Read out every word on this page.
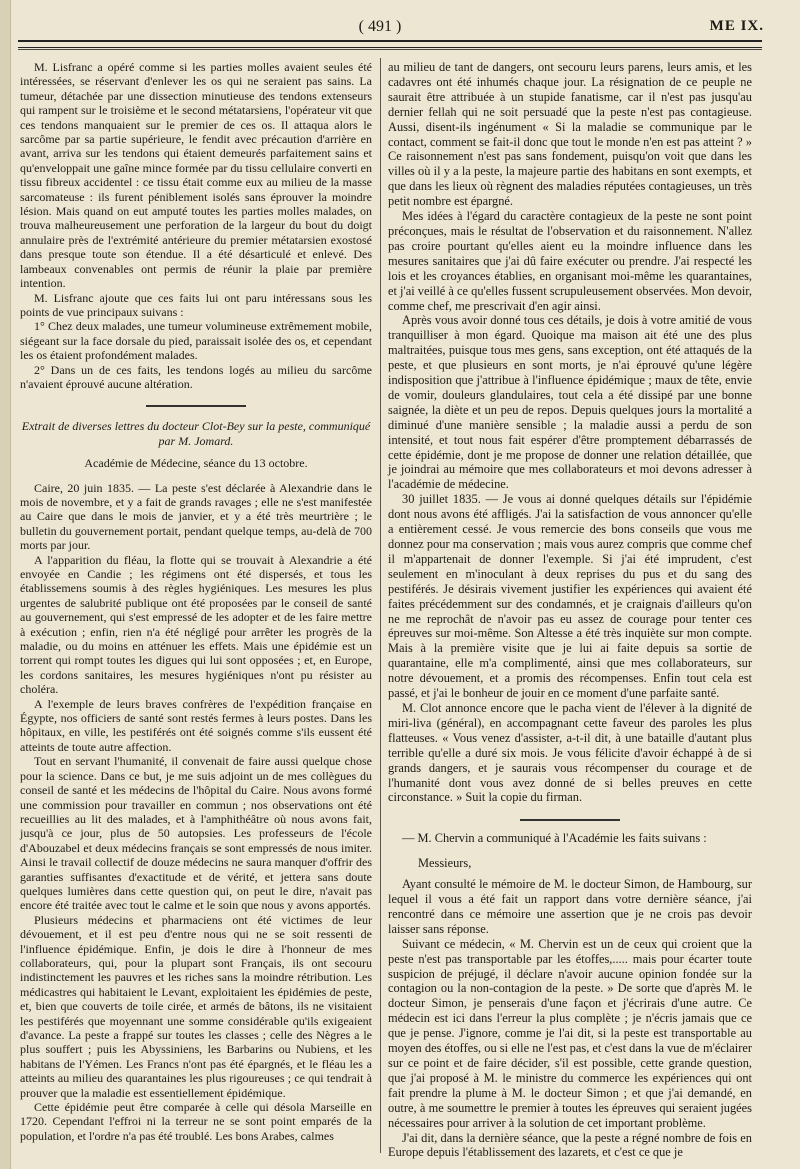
( 491 )	ME IX.

M. Lisfranc a opéré comme si les parties molles avaient seules été intéressées, se réservant d'enlever les os qui ne seraient pas sains. La tumeur, détachée par une dissection minutieuse des tendons extenseurs qui rampent sur le troisième et le second métatarsiens, l'opérateur vit que ces tendons manquaient sur le premier de ces os. Il attaqua alors le sarcôme par sa partie supérieure, le fendit avec précaution d'arrière en avant, arriva sur les tendons qui étaient demeurés parfaitement sains et qu'enveloppait une gaîne mince formée par du tissu cellulaire converti en tissu fibreux accidentel : ce tissu était comme eux au milieu de la masse sarcomateuse : ils furent péniblement isolés sans éprouver la moindre lésion. Mais quand on eut amputé toutes les parties molles malades, on trouva malheureusement une perforation de la largeur du bout du doigt annulaire près de l'extrémité antérieure du premier métatarsien exostosé dans presque toute son étendue. Il a été désarticulé et enlevé. Des lambeaux convenables ont permis de réunir la plaie par première intention.

M. Lisfranc ajoute que ces faits lui ont paru intéressans sous les points de vue principaux suivans :

1° Chez deux malades, une tumeur volumineuse extrêmement mobile, siégeant sur la face dorsale du pied, paraissait isolée des os, et cependant les os étaient profondément malades.

2° Dans un de ces faits, les tendons logés au milieu du sarcôme n'avaient éprouvé aucune altération.

Extrait de diverses lettres du docteur Clot-Bey sur la peste, communiqué par M. Jomard.
Académie de Médecine, séance du 13 octobre.

Caire, 20 juin 1835. — La peste s'est déclarée à Alexandrie dans le mois de novembre, et y a fait de grands ravages ; elle ne s'est manifestée au Caire que dans le mois de janvier, et y a été très meurtrière ; le bulletin du gouvernement portait, pendant quelque temps, au-delà de 700 morts par jour.

A l'apparition du fléau, la flotte qui se trouvait à Alexandrie a été envoyée en Candie ; les régimens ont été dispersés, et tous les établissemens soumis à des règles hygiéniques. Les mesures les plus urgentes de salubrité publique ont été proposées par le conseil de santé au gouvernement, qui s'est empressé de les adopter et de les faire mettre à exécution ; enfin, rien n'a été négligé pour arrêter les progrès de la maladie, ou du moins en atténuer les effets. Mais une épidémie est un torrent qui rompt toutes les digues qui lui sont opposées ; et, en Europe, les cordons sanitaires, les mesures hygiéniques n'ont pu résister au choléra.

A l'exemple de leurs braves confrères de l'expédition française en Égypte, nos officiers de santé sont restés fermes à leurs postes. Dans les hôpitaux, en ville, les pestiférés ont été soignés comme s'ils eussent été atteints de toute autre affection.

Tout en servant l'humanité, il convenait de faire aussi quelque chose pour la science. Dans ce but, je me suis adjoint un de mes collègues du conseil de santé et les médecins de l'hôpital du Caire. Nous avons formé une commission pour travailler en commun ; nos observations ont été recueillies au lit des malades, et à l'amphithéâtre où nous avons fait, jusqu'à ce jour, plus de 50 autopsies. Les professeurs de l'école d'Abouzabel et deux médecins français se sont empressés de nous imiter. Ainsi le travail collectif de douze médecins ne saura manquer d'offrir des garanties suffisantes d'exactitude et de vérité, et jettera sans doute quelques lumières dans cette question qui, on peut le dire, n'avait pas encore été traitée avec tout le calme et le soin que nous y avons apportés.

Plusieurs médecins et pharmaciens ont été victimes de leur dévouement, et il est peu d'entre nous qui ne se soit ressenti de l'influence épidémique. Enfin, je dois le dire à l'honneur de mes collaborateurs, qui, pour la plupart sont Français, ils ont secouru indistinctement les pauvres et les riches sans la moindre rétribution. Les médicastres qui habitaient le Levant, exploitaient les épidémies de peste, et, bien que couverts de toile cirée, et armés de bâtons, ils ne visitaient les pestiférés que moyennant une somme considérable qu'ils exigeaient d'avance. La peste a frappé sur toutes les classes ; celle des Nègres a le plus souffert ; puis les Abyssiniens, les Barbarins ou Nubiens, et les habitans de l'Yémen. Les Francs n'ont pas été épargnés, et le fléau les a atteints au milieu des quarantaines les plus rigoureuses ; ce qui tendrait à prouver que la maladie est essentiellement épidémique.

Cette épidémie peut être comparée à celle qui désola Marseille en 1720. Cependant l'effroi ni la terreur ne se sont point emparés de la population, et l'ordre n'a pas été troublé. Les bons Arabes, calmes

au milieu de tant de dangers, ont secouru leurs parens, leurs amis, et les cadavres ont été inhumés chaque jour. La résignation de ce peuple ne saurait être attribuée à un stupide fanatisme, car il n'est pas jusqu'au dernier fellah qui ne soit persuadé que la peste n'est pas contagieuse. Aussi, disent-ils ingénument « Si la maladie se communique par le contact, comment se fait-il donc que tout le monde n'en est pas atteint ? » Ce raisonnement n'est pas sans fondement, puisqu'on voit que dans les villes où il y a la peste, la majeure partie des habitans en sont exempts, et que dans les lieux où règnent des maladies réputées contagieuses, un très petit nombre est épargné.

Mes idées à l'égard du caractère contagieux de la peste ne sont point préconçues, mais le résultat de l'observation et du raisonnement. N'allez pas croire pourtant qu'elles aient eu la moindre influence dans les mesures sanitaires que j'ai dû faire exécuter ou prendre. J'ai respecté les lois et les croyances établies, en organisant moi-même les quarantaines, et j'ai veillé à ce qu'elles fussent scrupuleusement observées. Mon devoir, comme chef, me prescrivait d'en agir ainsi.

Après vous avoir donné tous ces détails, je dois à votre amitié de vous tranquilliser à mon égard. Quoique ma maison ait été une des plus maltraitées, puisque tous mes gens, sans exception, ont été attaqués de la peste, et que plusieurs en sont morts, je n'ai éprouvé qu'une légère indisposition que j'attribue à l'influence épidémique ; maux de tête, envie de vomir, douleurs glandulaires, tout cela a été dissipé par une bonne saignée, la diète et un peu de repos. Depuis quelques jours la mortalité a diminué d'une manière sensible ; la maladie aussi a perdu de son intensité, et tout nous fait espérer d'être promptement débarrassés de cette épidémie, dont je me propose de donner une relation détaillée, que je joindrai au mémoire que mes collaborateurs et moi devons adresser à l'académie de médecine.

30 juillet 1835. — Je vous ai donné quelques détails sur l'épidémie dont nous avons été affligés. J'ai la satisfaction de vous annoncer qu'elle a entièrement cessé. Je vous remercie des bons conseils que vous me donnez pour ma conservation ; mais vous aurez compris que comme chef il m'appartenait de donner l'exemple. Si j'ai été imprudent, c'est seulement en m'inoculant à deux reprises du pus et du sang des pestiférés. Je désirais vivement justifier les expériences qui avaient été faites précédemment sur des condamnés, et je craignais d'ailleurs qu'on ne me reprochât de n'avoir pas eu assez de courage pour tenter ces épreuves sur moi-même. Son Altesse a été très inquiète sur mon compte. Mais à la première visite que je lui ai faite depuis sa sortie de quarantaine, elle m'a complimenté, ainsi que mes collaborateurs, sur notre dévouement, et a promis des récompenses. Enfin tout cela est passé, et j'ai le bonheur de jouir en ce moment d'une parfaite santé.

M. Clot annonce encore que le pacha vient de l'élever à la dignité de miri-liva (général), en accompagnant cette faveur des paroles les plus flatteuses. « Vous venez d'assister, a-t-il dit, à une bataille d'autant plus terrible qu'elle a duré six mois. Je vous félicite d'avoir échappé à de si grands dangers, et je saurais vous récompenser du courage et de l'humanité dont vous avez donné de si belles preuves en cette circonstance. » Suit la copie du firman.

— M. Chervin a communiqué à l'Académie les faits suivans :

Messieurs,

Ayant consulté le mémoire de M. le docteur Simon, de Hambourg, sur lequel il vous a été fait un rapport dans votre dernière séance, j'ai rencontré dans ce mémoire une assertion que je ne crois pas devoir laisser sans réponse.

Suivant ce médecin, « M. Chervin est un de ceux qui croient que la peste n'est pas transportable par les étoffes,..... mais pour écarter toute suspicion de préjugé, il déclare n'avoir aucune opinion fondée sur la contagion ou la non-contagion de la peste. » De sorte que d'après M. le docteur Simon, je penserais d'une façon et j'écrirais d'une autre. Ce médecin est ici dans l'erreur la plus complète ; je n'écris jamais que ce que je pense. J'ignore, comme je l'ai dit, si la peste est transportable au moyen des étoffes, ou si elle ne l'est pas, et c'est dans la vue de m'éclairer sur ce point et de faire décider, s'il est possible, cette grande question, que j'ai proposé à M. le ministre du commerce les expériences qui ont fait prendre la plume à M. le docteur Simon ; et que j'ai demandé, en outre, à me soumettre le premier à toutes les épreuves qui seraient jugées nécessaires pour arriver à la solution de cet important problème.

J'ai dit, dans la dernière séance, que la peste a régné nombre de fois en Europe depuis l'établissement des lazarets, et c'est ce que je
